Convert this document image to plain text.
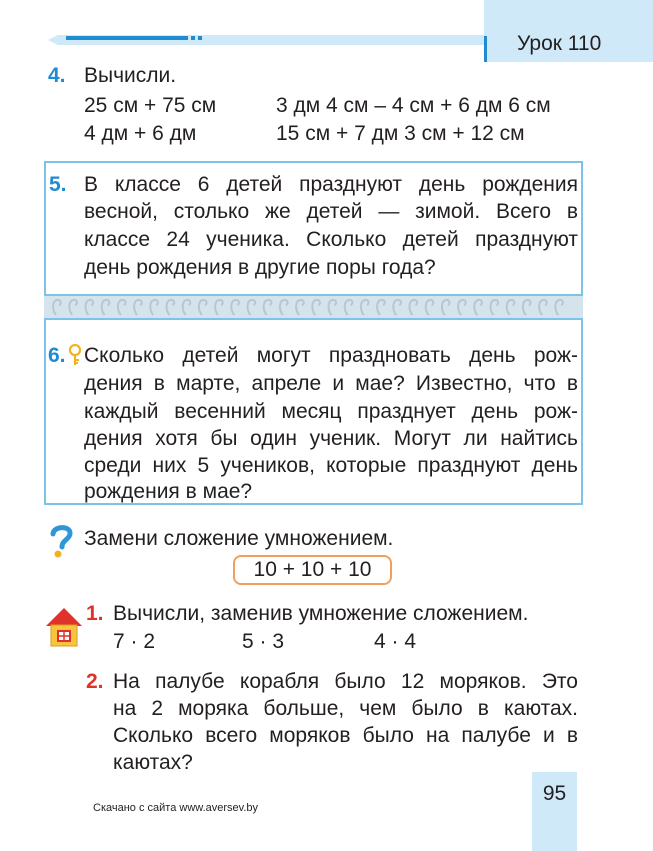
Урок 110
4. Вычисли.
25 см + 75 см	3 дм 4 см – 4 см + 6 дм 6 см
4 дм + 6 дм	15 см + 7 дм 3 см + 12 см
5. В классе 6 детей празднуют день рождения
весной, столько же детей — зимой. Всего в
классе 24 ученика. Сколько детей празднуют
день рождения в другие поры года?
6. Сколько детей могут праздновать день рож-
дения в марте, апреле и мае? Известно, что в
каждый весенний месяц празднует день рож-
дения хотя бы один ученик. Могут ли найтись
среди них 5 учеников, которые празднуют день
рождения в мае?
Замени сложение умножением.
10 + 10 + 10
1. Вычисли, заменив умножение сложением.
7 · 2	5 · 3	4 · 4
2. На палубе корабля было 12 моряков. Это
на 2 моряка больше, чем было в каютах.
Сколько всего моряков было на палубе и в
каютах?
95
Скачано с сайта www.aversev.by
